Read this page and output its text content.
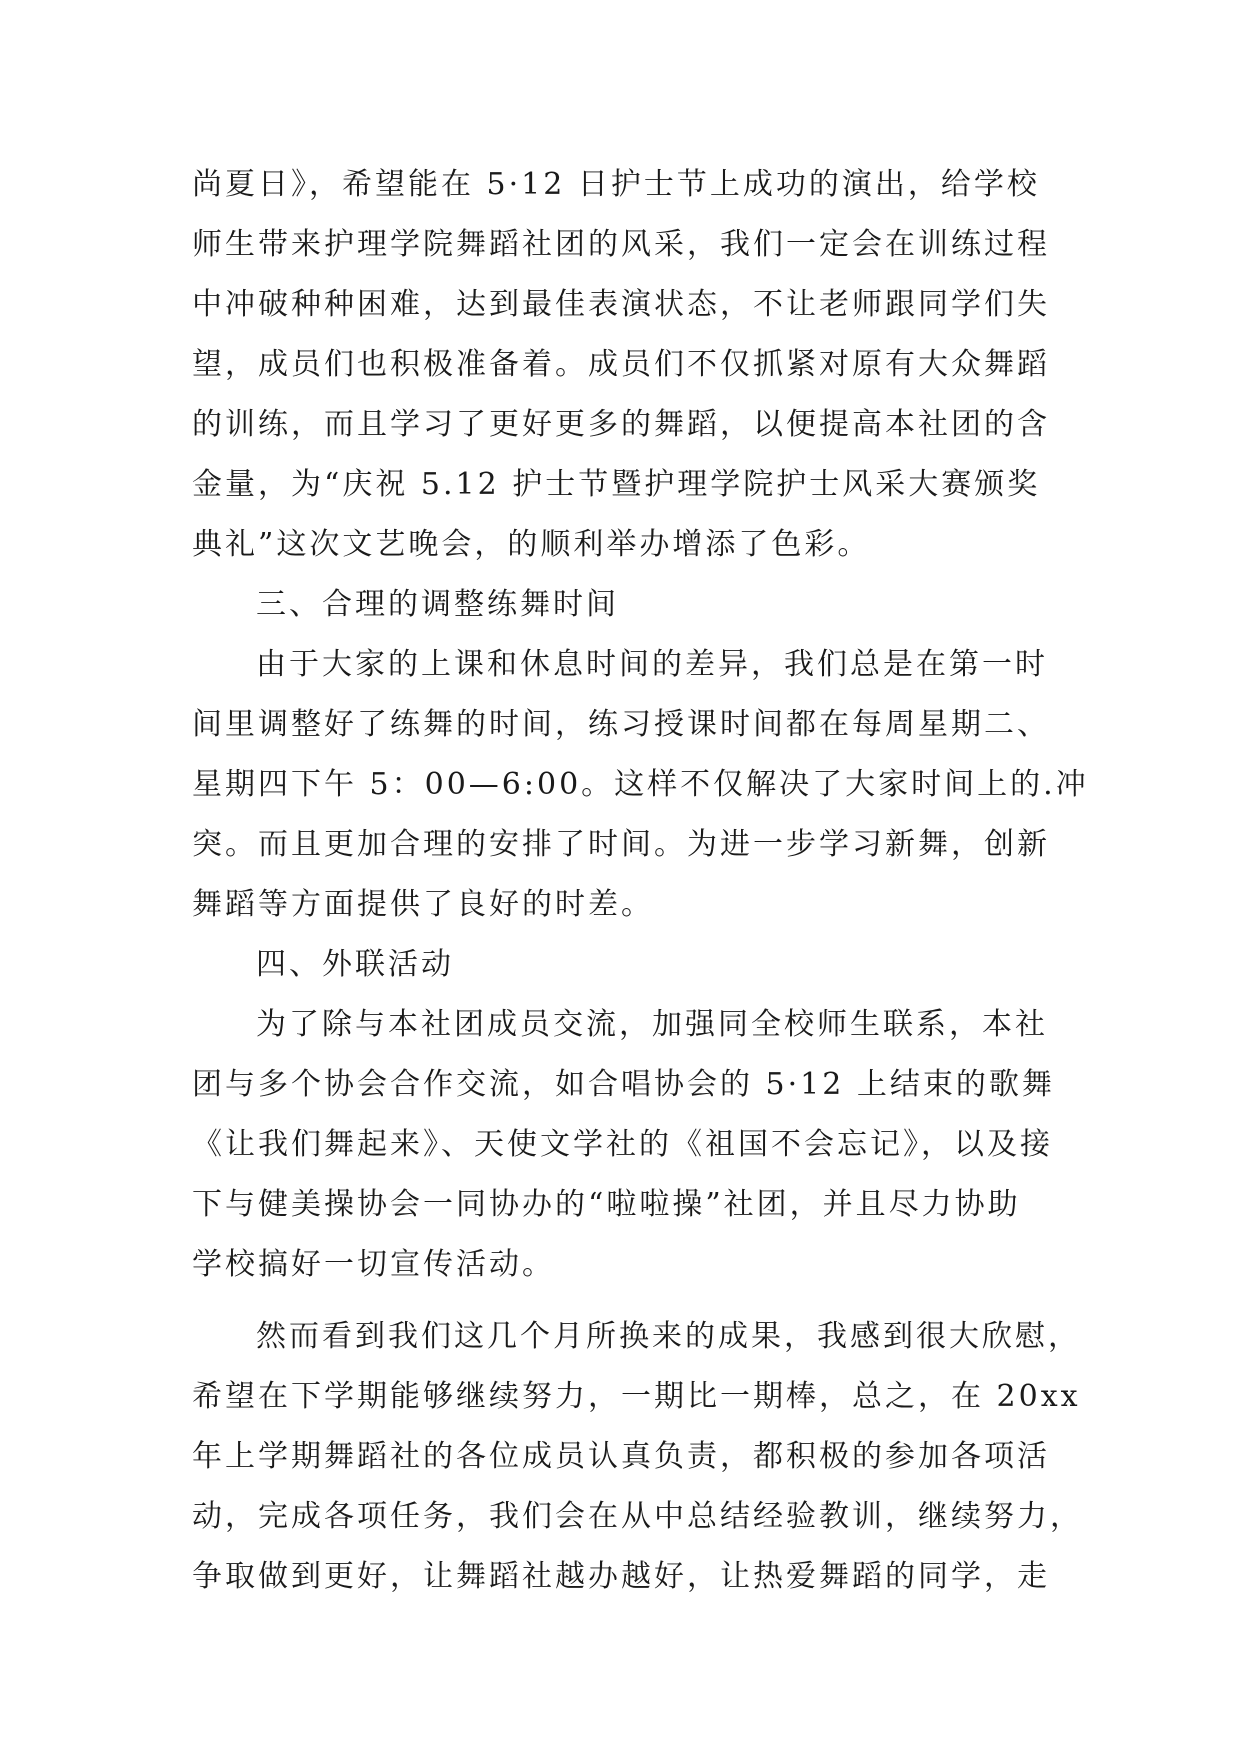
尚夏日》，希望能在 5·12 日护士节上成功的演出，给学校
师生带来护理学院舞蹈社团的风采，我们一定会在训练过程
中冲破种种困难，达到最佳表演状态，不让老师跟同学们失
望，成员们也积极准备着。成员们不仅抓紧对原有大众舞蹈
的训练，而且学习了更好更多的舞蹈，以便提高本社团的含
金量，为“庆祝 5.12 护士节暨护理学院护士风采大赛颁奖
典礼”这次文艺晚会，的顺利举办增添了色彩。
三、合理的调整练舞时间
由于大家的上课和休息时间的差异，我们总是在第一时
间里调整好了练舞的时间，练习授课时间都在每周星期二、
星期四下午 5：00—6:00。这样不仅解决了大家时间上的.冲
突。而且更加合理的安排了时间。为进一步学习新舞，创新
舞蹈等方面提供了良好的时差。
四、外联活动
为了除与本社团成员交流，加强同全校师生联系，本社
团与多个协会合作交流，如合唱协会的 5·12 上结束的歌舞
《让我们舞起来》、天使文学社的《祖国不会忘记》，以及接
下与健美操协会一同协办的“啦啦操”社团，并且尽力协助
学校搞好一切宣传活动。
然而看到我们这几个月所换来的成果，我感到很大欣慰，
希望在下学期能够继续努力，一期比一期棒，总之，在 20xx
年上学期舞蹈社的各位成员认真负责，都积极的参加各项活
动，完成各项任务，我们会在从中总结经验教训，继续努力，
争取做到更好，让舞蹈社越办越好，让热爱舞蹈的同学，走
